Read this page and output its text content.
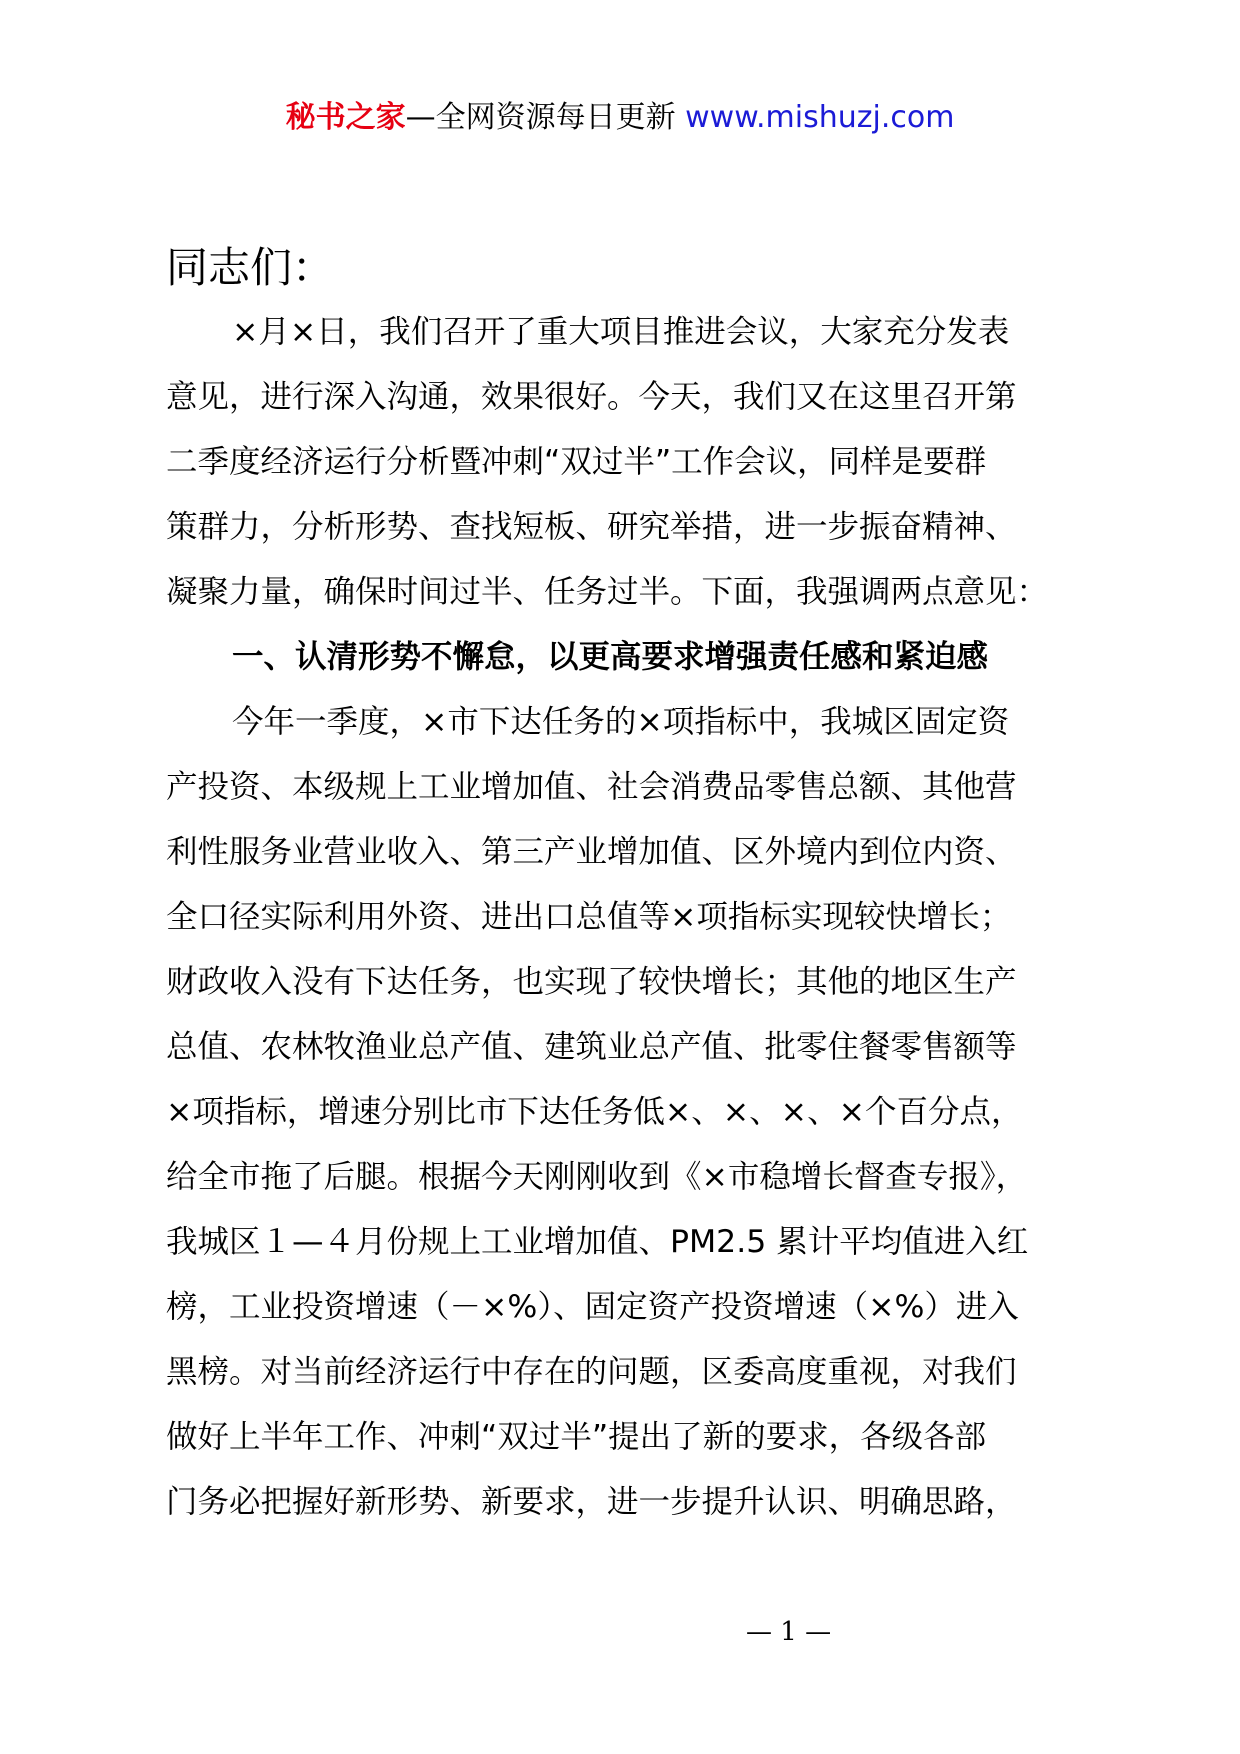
秘书之家—全网资源每日更新 www.mishuzj.com
同志们：
×月×日，我们召开了重大项目推进会议，大家充分发表
意见，进行深入沟通，效果很好。今天，我们又在这里召开第
二季度经济运行分析暨冲刺“双过半”工作会议，同样是要群
策群力，分析形势、查找短板、研究举措，进一步振奋精神、
凝聚力量，确保时间过半、任务过半。下面，我强调两点意见：
一、认清形势不懈怠，以更高要求增强责任感和紧迫感
今年一季度，×市下达任务的×项指标中，我城区固定资
产投资、本级规上工业增加值、社会消费品零售总额、其他营
利性服务业营业收入、第三产业增加值、区外境内到位内资、
全口径实际利用外资、进出口总值等×项指标实现较快增长；
财政收入没有下达任务，也实现了较快增长；其他的地区生产
总值、农林牧渔业总产值、建筑业总产值、批零住餐零售额等
×项指标，增速分别比市下达任务低×、×、×、×个百分点，
给全市拖了后腿。根据今天刚刚收到《×市稳增长督查专报》，
我城区１—４月份规上工业增加值、PM2.5 累计平均值进入红
榜，工业投资增速（－×%）、固定资产投资增速（×%）进入
黑榜。对当前经济运行中存在的问题，区委高度重视，对我们
做好上半年工作、冲刺“双过半”提出了新的要求，各级各部
门务必把握好新形势、新要求，进一步提升认识、明确思路，
— 1 —
